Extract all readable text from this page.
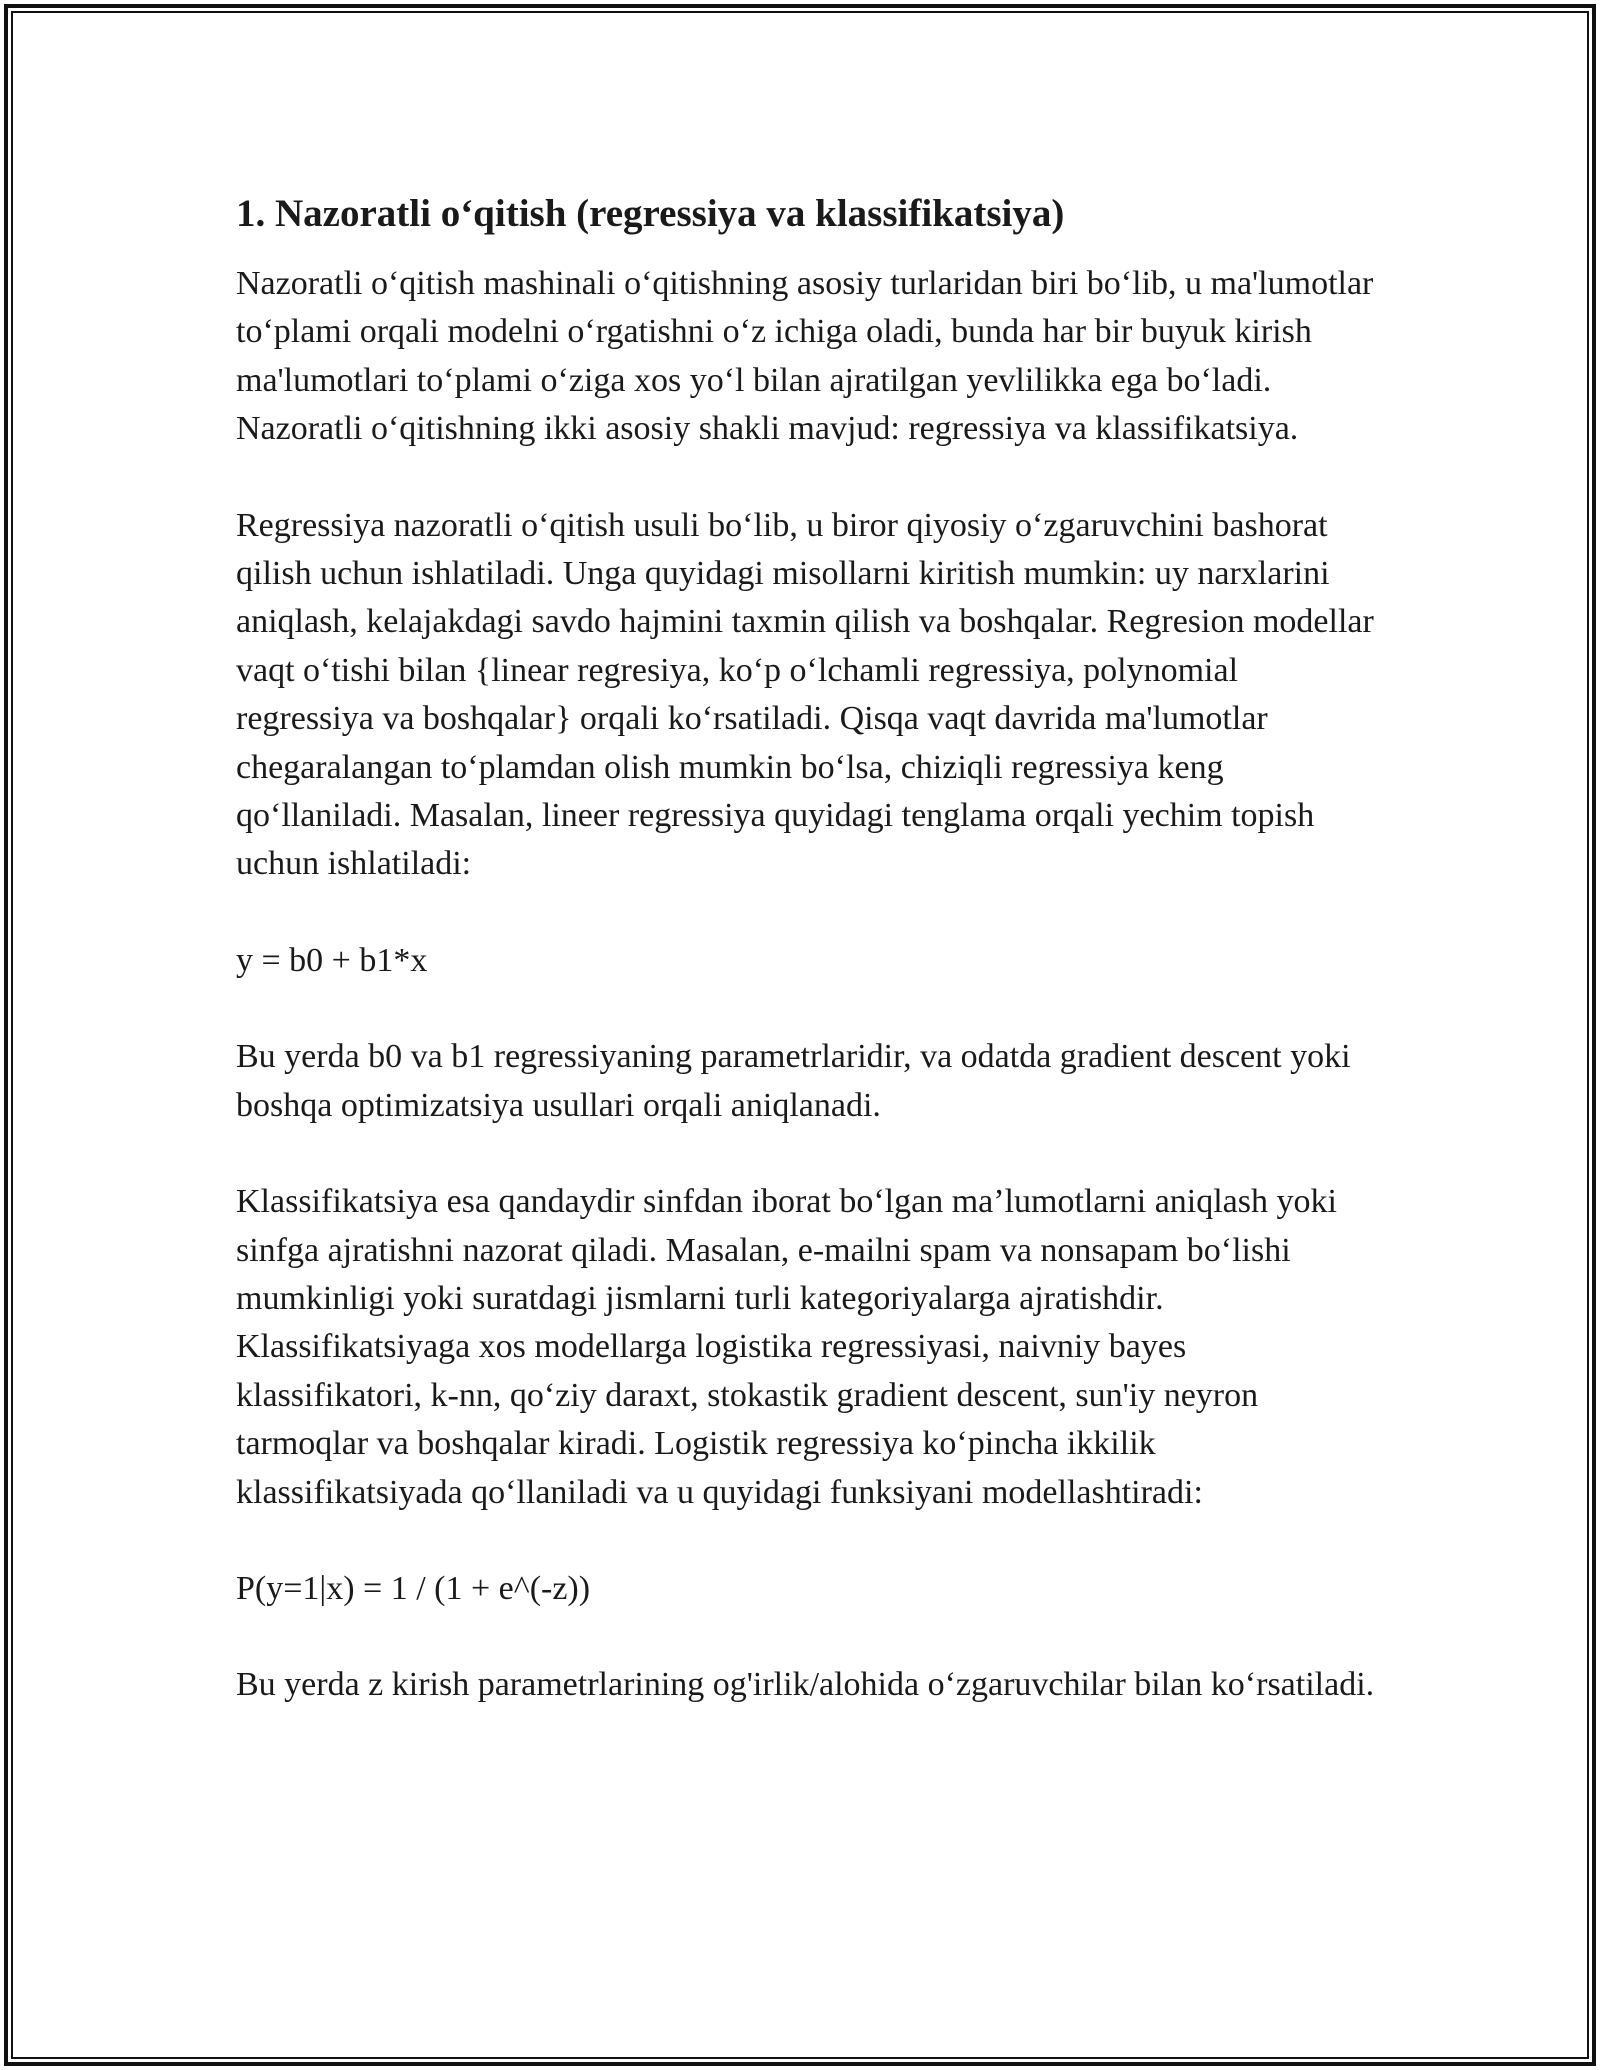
1. Nazoratli o‘qitish (regressiya va klassifikatsiya)

Nazoratli o‘qitish mashinali o‘qitishning asosiy turlaridan biri bo‘lib, u ma'lumotlar to‘plami orqali modelni o‘rgatishni o‘z ichiga oladi, bunda har bir buyuk kirish ma'lumotlari to‘plami o‘ziga xos yo‘l bilan ajratilgan yevlilikka ega bo‘ladi. Nazoratli o‘qitishning ikki asosiy shakli mavjud: regressiya va klassifikatsiya.

Regressiya nazoratli o‘qitish usuli bo‘lib, u biror qiyosiy o‘zgaruvchini bashorat qilish uchun ishlatiladi. Unga quyidagi misollarni kiritish mumkin: uy narxlarini aniqlash, kelajakdagi savdo hajmini taxmin qilish va boshqalar. Regresion modellar vaqt o‘tishi bilan {linear regresiya, ko‘p o‘lchamli regressiya, polynomial regressiya va boshqalar} orqali ko‘rsatiladi. Qisqa vaqt davrida ma'lumotlar chegaralangan to‘plamdan olish mumkin bo‘lsa, chiziqli regressiya keng qo‘llaniladi. Masalan, lineer regressiya quyidagi tenglama orqali yechim topish uchun ishlatiladi:

y = b0 + b1*x

Bu yerda b0 va b1 regressiyaning parametrlaridir, va odatda gradient descent yoki boshqa optimizatsiya usullari orqali aniqlanadi.

Klassifikatsiya esa qandaydir sinfdan iborat bo‘lgan ma’lumotlarni aniqlash yoki sinfga ajratishni nazorat qiladi. Masalan, e-mailni spam va nonsapam bo‘lishi mumkinligi yoki suratdagi jismlarni turli kategoriyalarga ajratishdir. Klassifikatsiyaga xos modellarga logistika regressiyasi, naivniy bayes klassifikatori, k-nn, qo‘ziy daraxt, stokastik gradient descent, sun'iy neyron tarmoqlar va boshqalar kiradi. Logistik regressiya ko‘pincha ikkilik klassifikatsiyada qo‘llaniladi va u quyidagi funksiyani modellashtiradi:

P(y=1|x) = 1 / (1 + e^(-z))

Bu yerda z kirish parametrlarining og'irlik/alohida o‘zgaruvchilar bilan ko‘rsatiladi.
